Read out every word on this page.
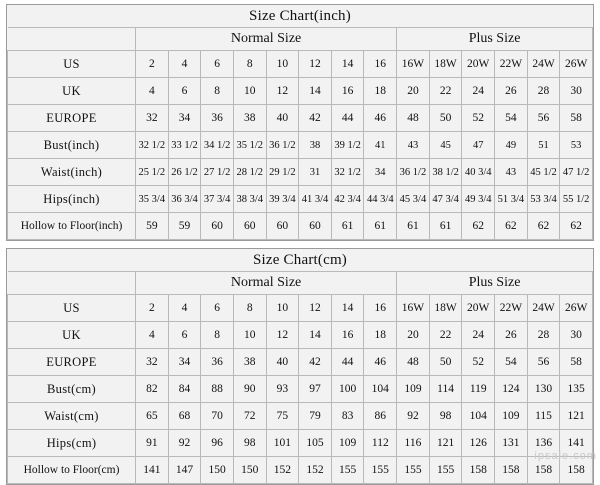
Size Chart(inch)														
	Normal Size								Plus Size					
US	2	4	6	8	10	12	14	16	16W	18W	20W	22W	24W	26W
UK	4	6	8	10	12	14	16	18	20	22	24	26	28	30
EUROPE	32	34	36	38	40	42	44	46	48	50	52	54	56	58
Bust(inch)	32 1/2	33 1/2	34 1/2	35 1/2	36 1/2	38	39 1/2	41	43	45	47	49	51	53
Waist(inch)	25 1/2	26 1/2	27 1/2	28 1/2	29 1/2	31	32 1/2	34	36 1/2	38 1/2	40 3/4	43	45 1/2	47 1/2
Hips(inch)	35 3/4	36 3/4	37 3/4	38 3/4	39 3/4	41 3/4	42 3/4	44 3/4	45 3/4	47 3/4	49 3/4	51 3/4	53 3/4	55 1/2
Hollow to Floor(inch)	59	59	60	60	60	60	61	61	61	61	62	62	62	62
Size Chart(cm)														
	Normal Size								Plus Size					
US	2	4	6	8	10	12	14	16	16W	18W	20W	22W	24W	26W
UK	4	6	8	10	12	14	16	18	20	22	24	26	28	30
EUROPE	32	34	36	38	40	42	44	46	48	50	52	54	56	58
Bust(cm)	82	84	88	90	93	97	100	104	109	114	119	124	130	135
Waist(cm)	65	68	70	72	75	79	83	86	92	98	104	109	115	121
Hips(cm)	91	92	96	98	101	105	109	112	116	121	126	131	136	141
Hollow to Floor(cm)	141	147	150	150	152	152	155	155	155	155	158	158	158	158
ipsale.com
